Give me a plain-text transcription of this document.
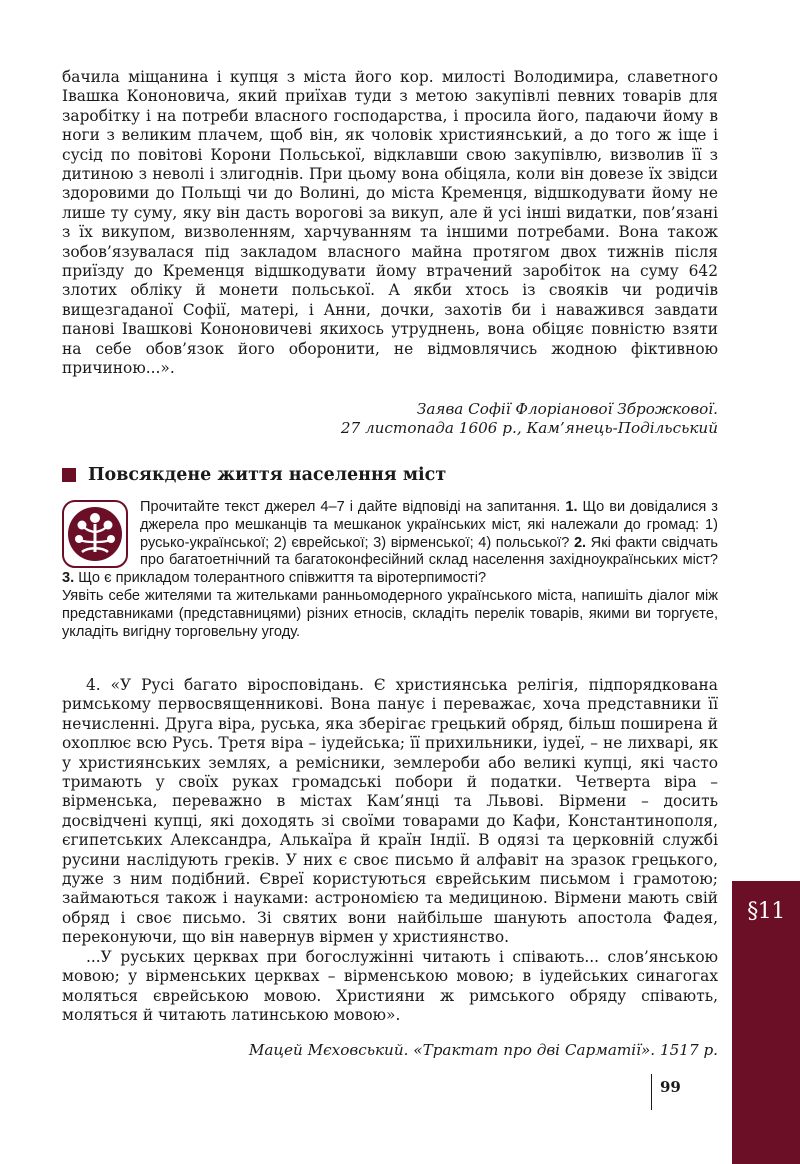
бачила міщанина і купця з міста його кор. милості Володимира, славетного Івашка Кононовича, який приїхав туди з метою закупівлі певних товарів для заробітку і на потреби власного господарства, і просила його, падаючи йому в ноги з великим плачем, щоб він, як чоловік християнський, а до того ж іще і сусід по повітові Корони Польської, відклавши свою закупівлю, визволив її з дитиною з неволі і злигоднів. При цьому вона обіцяла, коли він довезе їх звідси здоровими до Польщі чи до Волині, до міста Кременця, відшкодувати йому не лише ту суму, яку він дасть ворогові за викуп, але й усі інші видатки, пов’язані з їх викупом, визволенням, харчуванням та іншими потребами. Вона також зобов’язувалася під закладом власного майна протягом двох тижнів після приїзду до Кременця відшкодувати йому втрачений заробіток на суму 642 злотих обліку й монети польської. А якби хтось із свояків чи родичів вищезгаданої Софії, матері, і Анни, дочки, захотів би і наважився завдати панові Івашкові Кононовичеві якихось утруднень, вона обіцяє повністю взяти на себе обов’язок його оборонити, не відмовлячись жодною фіктивною причиною...».
Заява Софії Флоріанової Зброжкової.
27 листопада 1606 р., Кам’янець-Подільський
Повсякдене життя населення міст
Прочитайте текст джерел 4–7 і дайте відповіді на запитання. 1. Що ви довідалися з джерела про мешканців та мешканок українських міст, які належали до громад: 1) русько-української; 2) єврейської; 3) вірменської; 4) польської? 2. Які факти свідчать про багатоетнічний та багатоконфесійний склад населення західноукраїнських міст? 3. Що є прикладом толерантного співжиття та віротерпимості?

Уявіть себе жителями та жительками ранньомодерного українського міста, напишіть діалог між представниками (представницями) різних етносів, складіть перелік товарів, якими ви торгуєте, укладіть вигідну торговельну угоду.

4. «У Русі багато віросповідань. Є християнська релігія, підпорядкована римському первосвященникові. Вона панує і переважає, хоча представники її нечисленні. Друга віра, руська, яка зберігає грецький обряд, більш поширена й охоплює всю Русь. Третя віра – іудейська; її прихильники, іудеї, – не лихварі, як у християнських землях, а ремісники, землероби або великі купці, які часто тримають у своїх руках громадські побори й податки. Четверта віра – вірменська, переважно в містах Кам’янці та Львові. Вірмени – досить досвідчені купці, які доходять зі своїми товарами до Кафи, Константинополя, єгипетських Александра, Алькаїра й країн Індії. В одязі та церковній службі русини наслідують греків. У них є своє письмо й алфавіт на зразок грецького, дуже з ним подібний. Євреї користуються єврейським письмом і грамотою; займаються також і науками: астрономією та медициною. Вірмени мають свій обряд і своє письмо. Зі святих вони найбільше шанують апостола Фадея, переконуючи, що він навернув вірмен у християнство.

...У руських церквах при богослужінні читають і співають... слов’янською мовою; у вірменських церквах – вірменською мовою; в іудейських синагогах моляться єврейською мовою. Християни ж римського обряду співають, моляться й читають латинською мовою».

Мацей Мєховський. «Трактат про дві Сарматії». 1517 р.
99
§11
